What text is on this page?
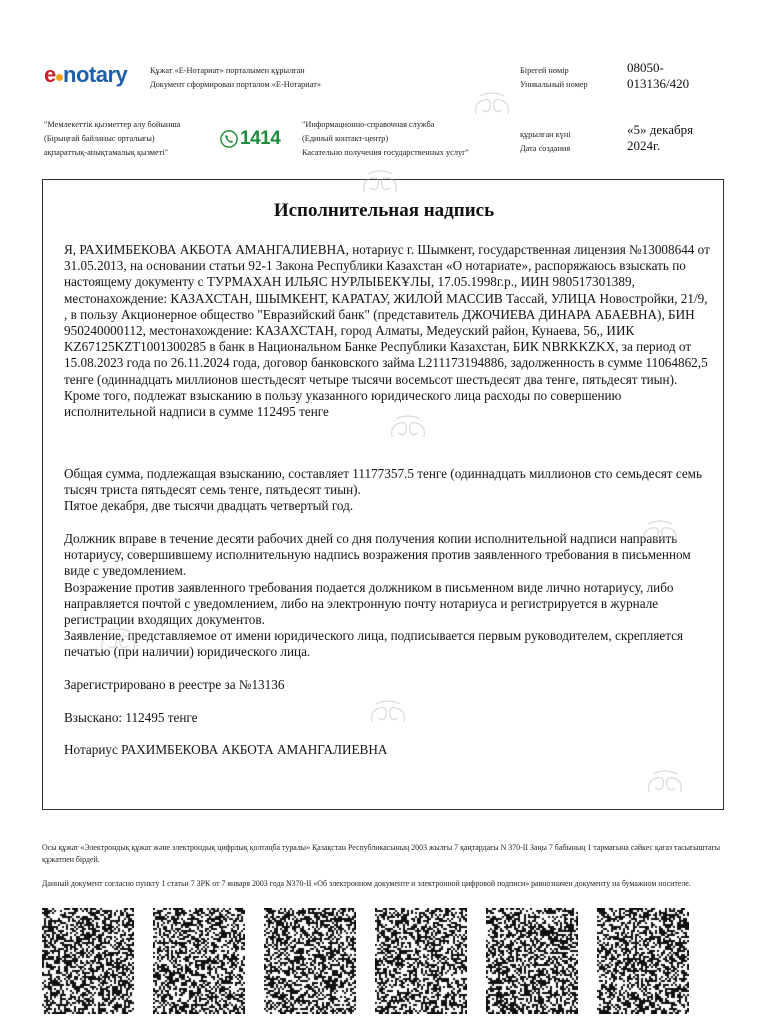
e notary	Құжат «Е-Нотариат» порталымен құрылған
Документ сформирован порталом «Е-Нотариат»
Бірегей нөмір
Уникальный номер
08050-
013136/420
"Мемлекеттік қызметтер алу бойынша
(Бірыңғай байланыс орталығы)
ақпараттық-анықтамалық қызметі"
1414
"Информационно-справочная служба
(Единый контакт-центр)
Касательно получения государственных услуг"
құрылған күні
Дата создания
«5» декабря
2024г.
Исполнительная надпись
Я, РАХИМБЕКОВА АКБОТА АМАНГАЛИЕВНА, нотариус г. Шымкент, государственная лицензия №13008644 от 31.05.2013, на основании статьи 92-1 Закона Республики Казахстан «О нотариате», распоряжаюсь взыскать по настоящему документу с ТУРМАХАН ИЛЬЯС НУРЛЫБЕКҰЛЫ, 17.05.1998г.р., ИИН 980517301389, местонахождение: КАЗАХСТАН, ШЫМКЕНТ, КАРАТАУ, ЖИЛОЙ МАССИВ Тассай, УЛИЦА Новостройки, 21/9, , в пользу Акционерное общество "Евразийский банк" (представитель ДЖОЧИЕВА ДИНАРА АБАЕВНА), БИН 950240000112, местонахождение: КАЗАХСТАН, город Алматы, Медеуский район, Кунаева, 56,, ИИК KZ67125KZT1001300285 в банк в Национальном Банке Республики Казахстан, БИК NBRKKZKX, за период от 15.08.2023 года по 26.11.2024 года, договор банковского займа L211173194886, задолженность в сумме 11064862,5 тенге (одиннадцать миллионов шестьдесят четыре тысячи восемьсот шестьдесят два тенге, пятьдесят тиын). Кроме того, подлежат взысканию в пользу указанного юридического лица расходы по совершению исполнительной надписи в сумме 112495 тенге
Общая сумма, подлежащая взысканию, составляет 11177357.5 тенге (одиннадцать миллионов сто семьдесят семь тысяч триста пятьдесят семь тенге, пятьдесят тиын).
Пятое декабря, две тысячи двадцать четвертый год.
Должник вправе в течение десяти рабочих дней со дня получения копии исполнительной надписи направить нотариусу, совершившему исполнительную надпись возражения против заявленного требования в письменном виде с уведомлением.
Возражение против заявленного требования подается должником в письменном виде лично нотариусу, либо направляется почтой с уведомлением, либо на электронную почту нотариуса и регистрируется в журнале регистрации входящих документов.
Заявление, представляемое от имени юридического лица, подписывается первым руководителем, скрепляется печатью (при наличии) юридического лица.
Зарегистрировано в реестре за №13136
Взыскано: 112495 тенге
Нотариус РАХИМБЕКОВА АКБОТА АМАНГАЛИЕВНА
Осы құжат «Электрондық құжат және электрондық цифрлық қолтаңба туралы» Қазақстан Республикасының 2003 жылғы 7 қаңтардағы N 370-II Заңы 7 бабының 1 тармағына сәйкес қағаз тасығыштағы құжатпен бірдей.
Данный документ согласно пункту 1 статьи 7 ЗРК от 7 января 2003 года N370-II «Об электронном документе и электронной цифровой подписи» равнозначен документу на бумажном носителе.
